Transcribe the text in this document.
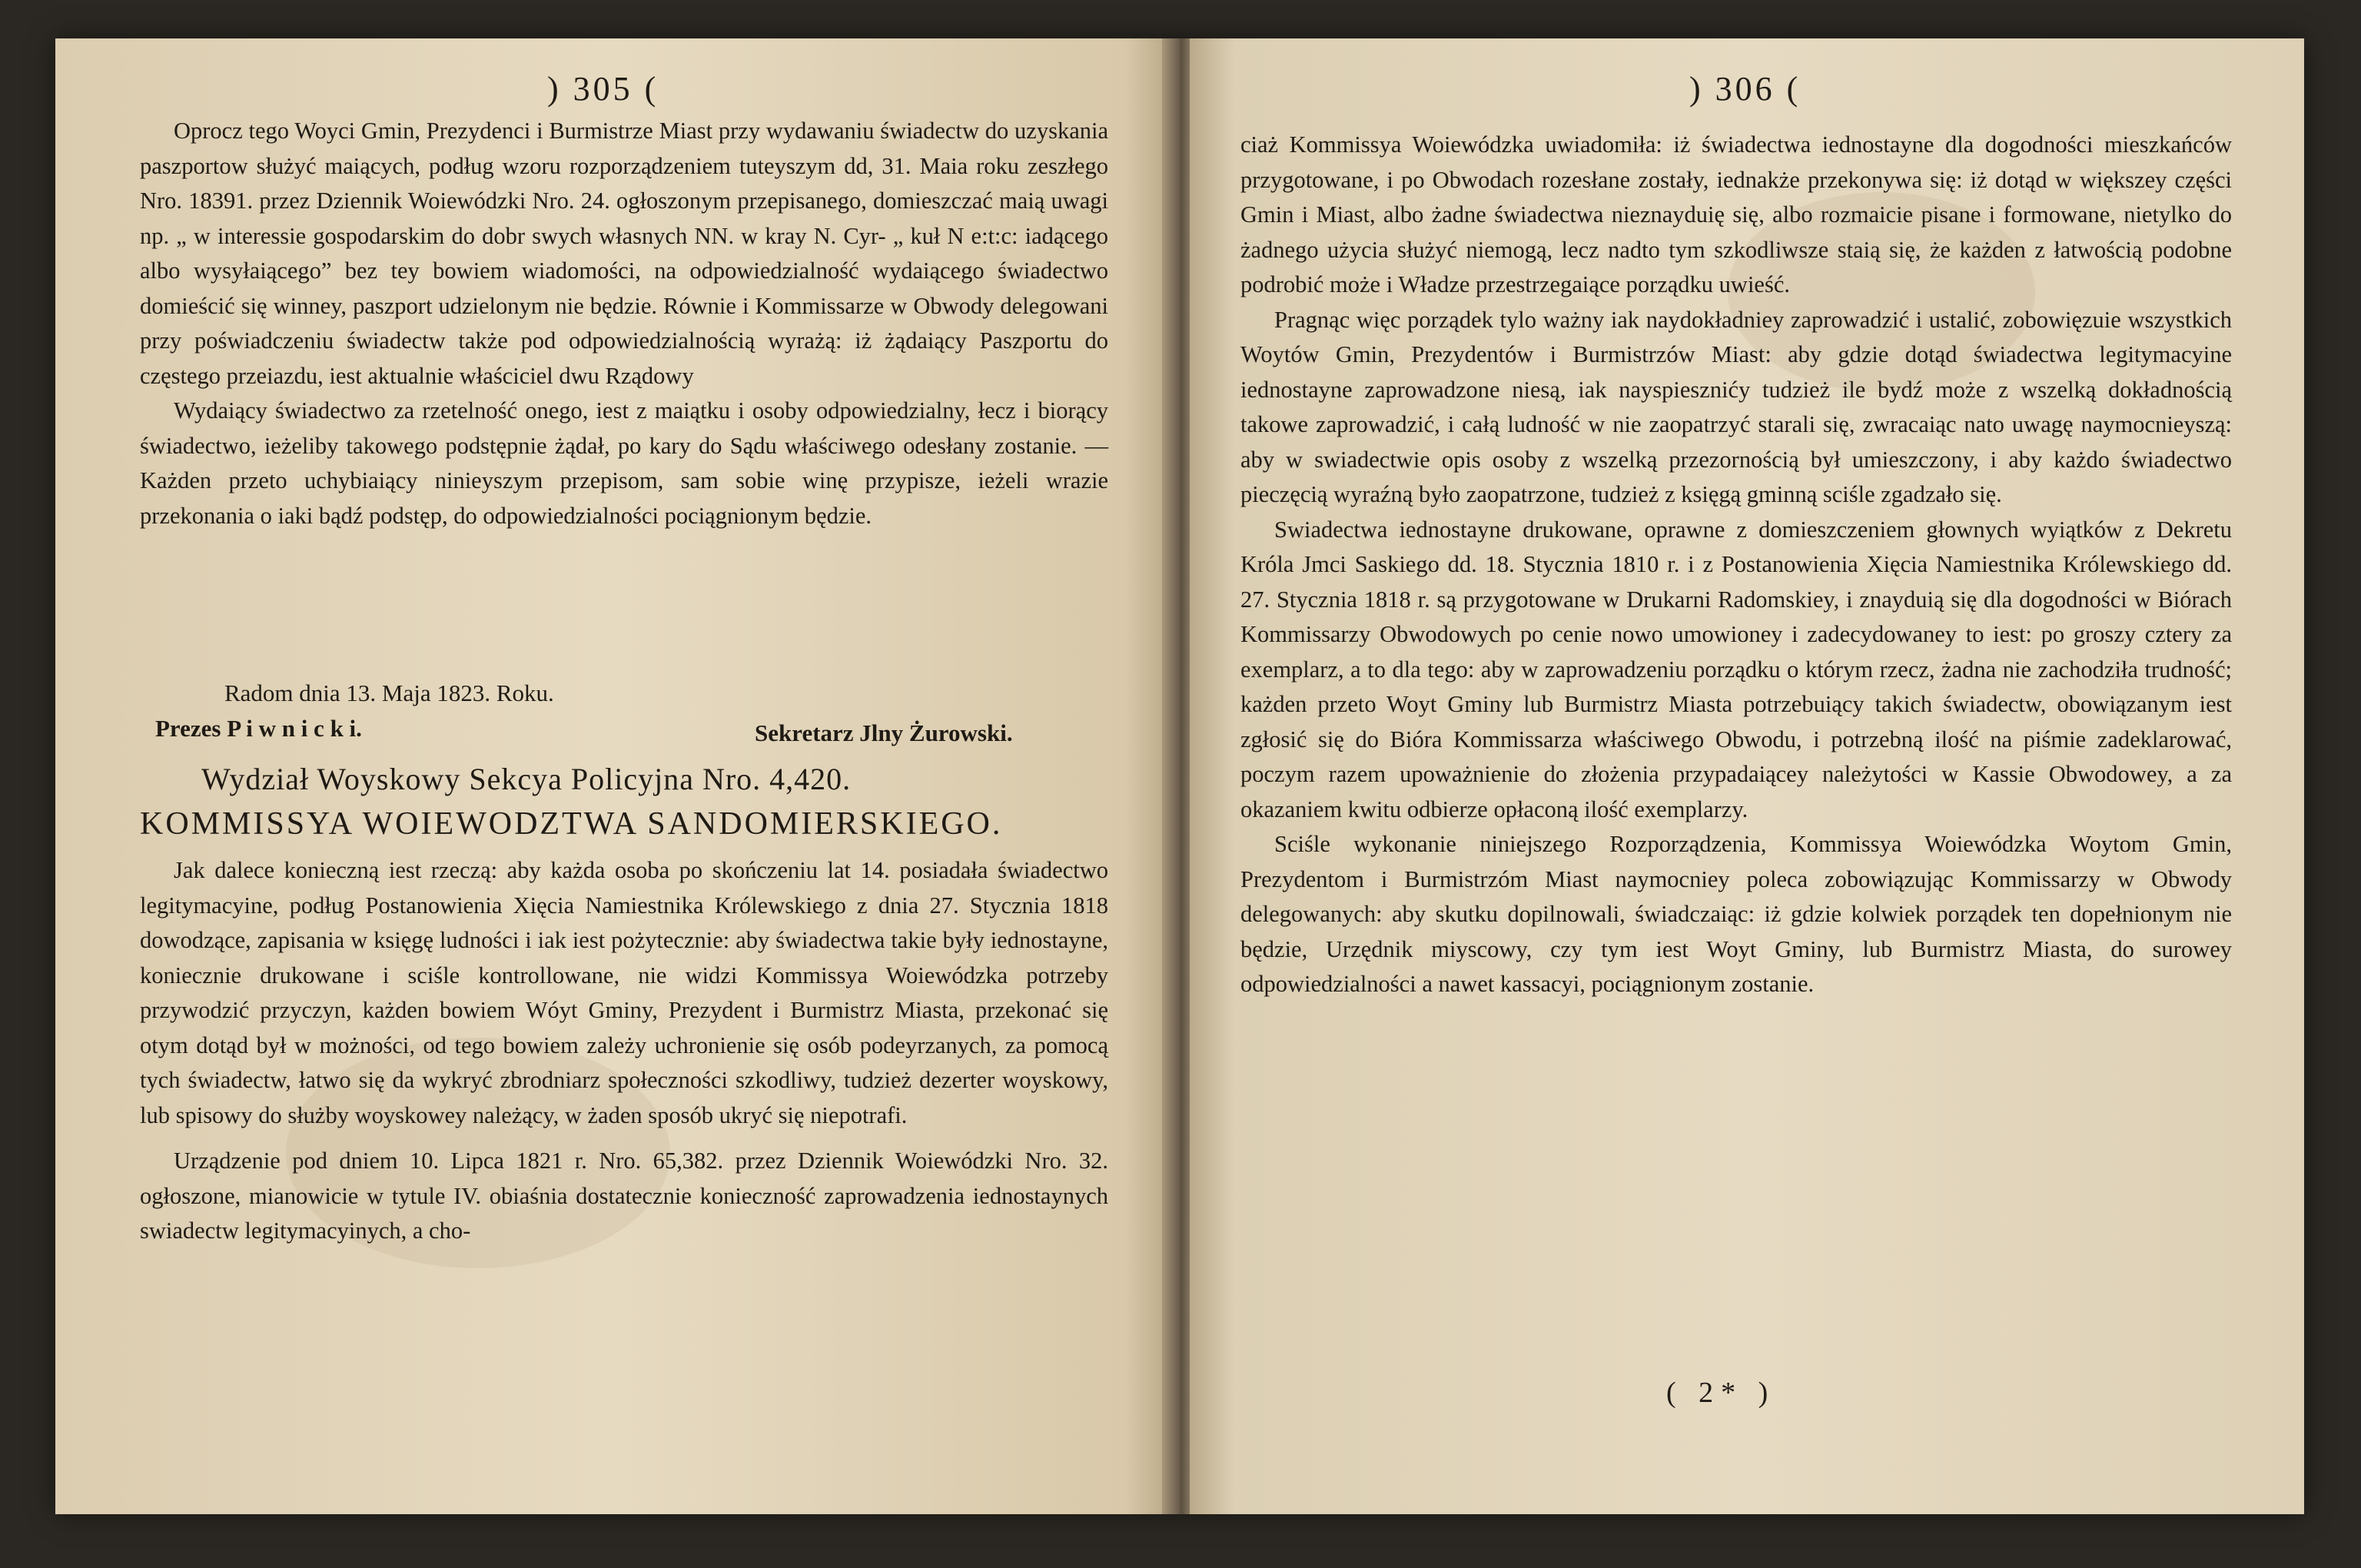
) 305 (

Oprocz tego Woyci Gmin, Prezydenci i Burmistrze Miast przy wydawaniu świadectw do uzyskania paszportow służyć maiących, podług wzoru rozporządzeniem tuteyszym dd, 31. Maia roku zeszłego Nro. 18391. przez Dziennik Woiewódzki Nro. 24. ogłoszonym przepisanego, domieszczać maią uwagi np. „ w interessie gospodarskim do dobr swych własnych NN. w kray N. Cyr- „ kuł N e:t:c: iadącego albo wysyłaiącego” bez tey bowiem wiadomości, na odpowiedzialność wydaiącego świadectwo domieścić się winney, paszport udzielonym nie będzie. Równie i Kommissarze w Obwody delegowani przy poświadczeniu świadectw także pod odpowiedzialnością wyrażą: iż żądaiący Paszportu do częstego przeiazdu, iest aktualnie właściciel dwu Rządowy

Wydaiący świadectwo za rzetelność onego, iest z maiątku i osoby odpowiedzialny, łecz i biorący świadectwo, ieżeliby takowego podstępnie żądał, po kary do Sądu właściwego odesłany zostanie. — Każden przeto uchybiaiący ninieyszym przepisom, sam sobie winę przypisze, ieżeli wrazie przekonania o iaki bądź podstęp, do odpowiedzialności pociągnionym będzie.

Radom dnia 13. Maja 1823. Roku.
Prezes P i w n i c k i.	Sekretarz Jlny Żurowski.
Wydział Woyskowy Sekcya Policyjna Nro. 4,420.
KOMMISSYA WOIEWODZTWA SANDOMIERSKIEGO.

Jak dalece konieczną iest rzeczą: aby każda osoba po skończeniu lat 14. posiadała świadectwo legitymacyine, podług Postanowienia Xięcia Namiestnika Królewskiego z dnia 27. Stycznia 1818 dowodzące, zapisania w księgę ludności i iak iest pożytecznie: aby świadectwa takie były iednostayne, koniecznie drukowane i sciśle kontrollowane, nie widzi Kommissya Woiewódzka potrzeby przywodzić przyczyn, każden bowiem Wóyt Gminy, Prezydent i Burmistrz Miasta, przekonać się otym dotąd był w możności, od tego bowiem zależy uchronienie się osób podeyrzanych, za pomocą tych świadectw, łatwo się da wykryć zbrodniarz społeczności szkodliwy, tudzież dezerter woyskowy, lub spisowy do służby woyskowey należący, w żaden sposób ukryć się niepotrafi.

Urządzenie pod dniem 10. Lipca 1821 r. Nro. 65,382. przez Dziennik Woiewódzki Nro. 32. ogłoszone, mianowicie w tytule IV. obiaśnia dostatecznie konieczność zaprowadzenia iednostaynych swiadectw legitymacyinych, a cho-

) 306 (

ciaż Kommissya Woiewódzka uwiadomiła: iż świadectwa iednostayne dla dogodności mieszkańców przygotowane, i po Obwodach rozesłane zostały, iednakże przekonywa się: iż dotąd w większey części Gmin i Miast, albo żadne świadectwa nieznayduię się, albo rozmaicie pisane i formowane, nietylko do żadnego użycia służyć niemogą, lecz nadto tym szkodliwsze staią się, że każden z łatwością podobne podrobić może i Władze przestrzegaiące porządku uwieść.

Pragnąc więc porządek tylo ważny iak naydokładniey zaprowadzić i ustalić, zobowięzuie wszystkich Woytów Gmin, Prezydentów i Burmistrzów Miast: aby gdzie dotąd świadectwa legitymacyine iednostayne zaprowadzone niesą, iak nayspiesznićy tudzież ile bydź może z wszelką dokładnością takowe zaprowadzić, i całą ludność w nie zaopatrzyć starali się, zwracaiąc nato uwagę naymocnieyszą: aby w swiadectwie opis osoby z wszelką przezornością był umieszczony, i aby każdo świadectwo pieczęcią wyraźną było zaopatrzone, tudzież z księgą gminną sciśle zgadzało się.

Swiadectwa iednostayne drukowane, oprawne z domieszczeniem głownych wyiątków z Dekretu Króla Jmci Saskiego dd. 18. Stycznia 1810 r. i z Postanowienia Xięcia Namiestnika Królewskiego dd. 27. Stycznia 1818 r. są przygotowane w Drukarni Radomskiey, i znayduią się dla dogodności w Biórach Kommissarzy Obwodowych po cenie nowo umowioney i zadecydowaney to iest: po groszy cztery za exemplarz, a to dla tego: aby w zaprowadzeniu porządku o którym rzecz, żadna nie zachodziła trudność; każden przeto Woyt Gminy lub Burmistrz Miasta potrzebuiący takich świadectw, obowiązanym iest zgłosić się do Bióra Kommissarza właściwego Obwodu, i potrzebną ilość na piśmie zadeklarować, poczym razem upoważnienie do złożenia przypadaiącey należytości w Kassie Obwodowey, a za okazaniem kwitu odbierze opłaconą ilość exemplarzy.

Sciśle wykonanie niniejszego Rozporządzenia, Kommissya Woiewódzka Woytom Gmin, Prezydentom i Burmistrzóm Miast naymocniey poleca zobowiązując Kommissarzy w Obwody delegowanych: aby skutku dopilnowali, świadczaiąc: iż gdzie kolwiek porządek ten dopełnionym nie będzie, Urzędnik miyscowy, czy tym iest Woyt Gminy, lub Burmistrz Miasta, do surowey odpowiedzialności a nawet kassacyi, pociągnionym zostanie.

( 2* )
